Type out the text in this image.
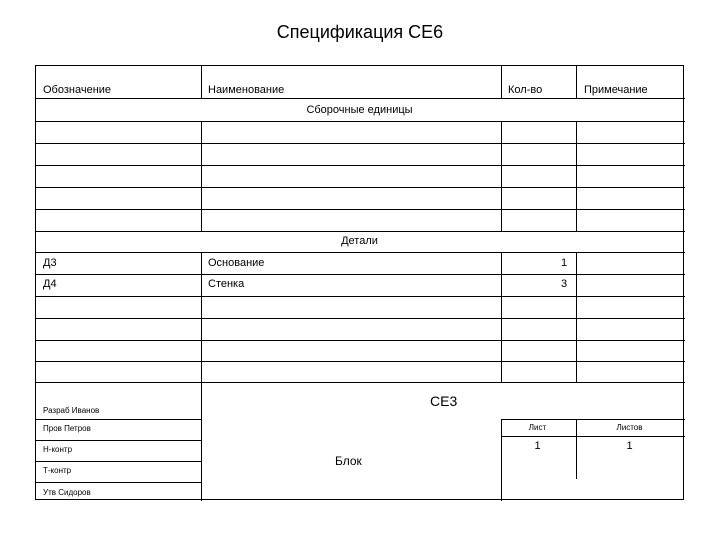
Спецификация СЕ6
Обозначение	Наименование	Кол-во	Примечание
Сборочные единицы
Детали
Д3	Основание	1
Д4	Стенка	3
Разраб Иванов
Пров Петров
Н-контр
Т-контр
Утв Сидоров
СЕ3
Блок
Лист	Листов
1	1
